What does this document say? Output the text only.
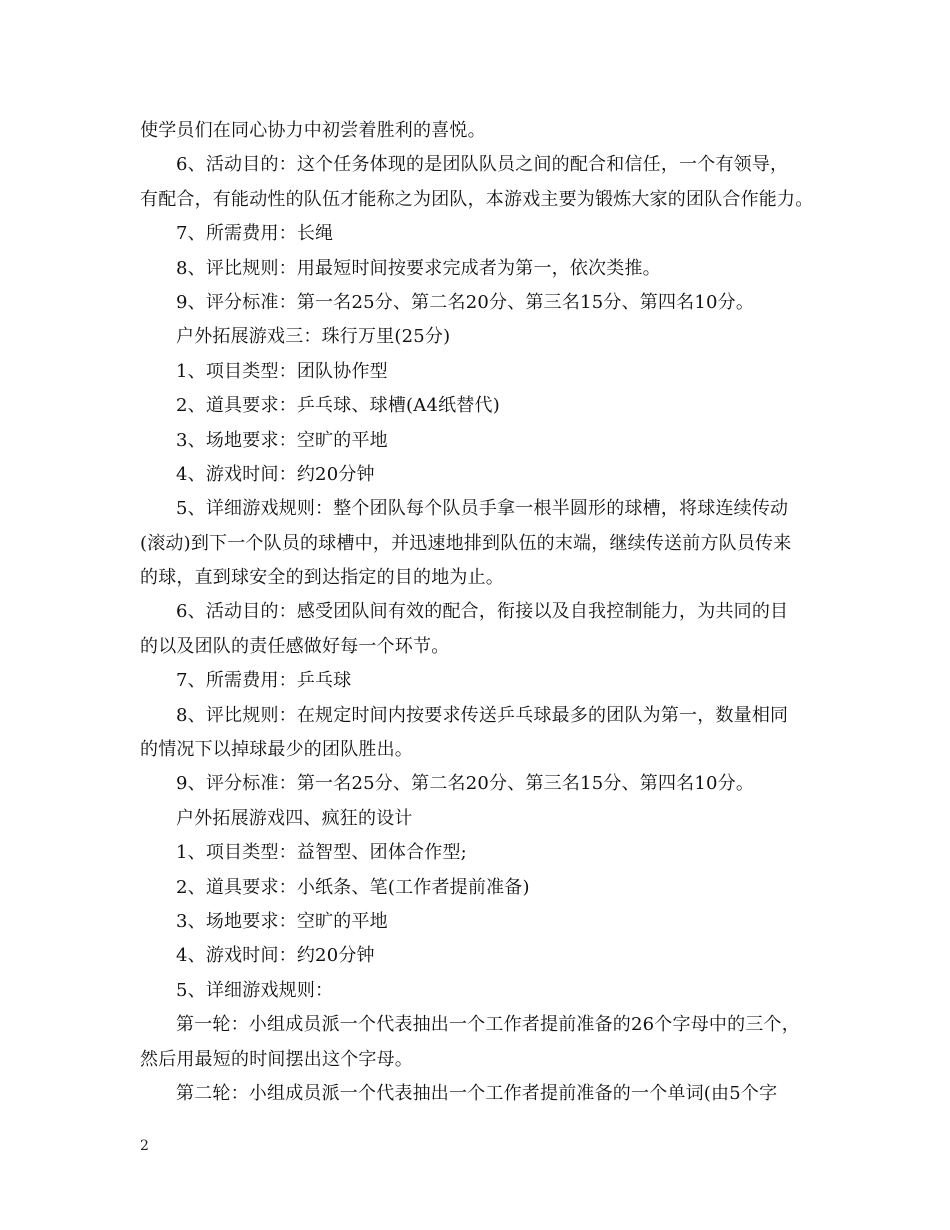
使学员们在同心协力中初尝着胜利的喜悦。
6、活动目的：这个任务体现的是团队队员之间的配合和信任，一个有领导，
有配合，有能动性的队伍才能称之为团队，本游戏主要为锻炼大家的团队合作能力。
7、所需费用：长绳
8、评比规则：用最短时间按要求完成者为第一，依次类推。
9、评分标准：第一名25分、第二名20分、第三名15分、第四名10分。
户外拓展游戏三：珠行万里(25分)
1、项目类型：团队协作型
2、道具要求：乒乓球、球槽(A4纸替代)
3、场地要求：空旷的平地
4、游戏时间：约20分钟
5、详细游戏规则：整个团队每个队员手拿一根半圆形的球槽，将球连续传动
(滚动)到下一个队员的球槽中，并迅速地排到队伍的末端，继续传送前方队员传来
的球，直到球安全的到达指定的目的地为止。
6、活动目的：感受团队间有效的配合，衔接以及自我控制能力，为共同的目
的以及团队的责任感做好每一个环节。
7、所需费用：乒乓球
8、评比规则：在规定时间内按要求传送乒乓球最多的团队为第一，数量相同
的情况下以掉球最少的团队胜出。
9、评分标准：第一名25分、第二名20分、第三名15分、第四名10分。
户外拓展游戏四、疯狂的设计
1、项目类型：益智型、团体合作型;
2、道具要求：小纸条、笔(工作者提前准备)
3、场地要求：空旷的平地
4、游戏时间：约20分钟
5、详细游戏规则：
第一轮：小组成员派一个代表抽出一个工作者提前准备的26个字母中的三个，
然后用最短的时间摆出这个字母。
第二轮：小组成员派一个代表抽出一个工作者提前准备的一个单词(由5个字
2
